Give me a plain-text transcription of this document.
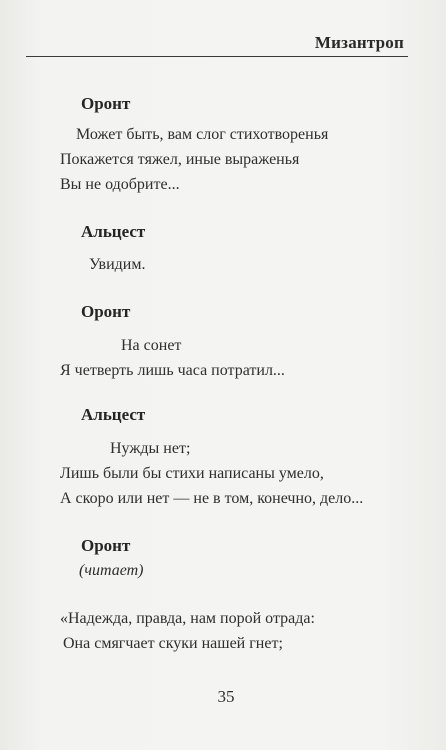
Мизантроп
Оронт
Может быть, вам слог стихотворенья
Покажется тяжел, иные выраженья
Вы не одобрите...
Альцест
Увидим.
Оронт
На сонет
Я четверть лишь часа потратил...
Альцест
Нужды нет;
Лишь были бы стихи написаны умело,
А скоро или нет — не в том, конечно, дело...
Оронт
(читает)
«Надежда, правда, нам порой отрада:
Она смягчает скуки нашей гнет;
35
